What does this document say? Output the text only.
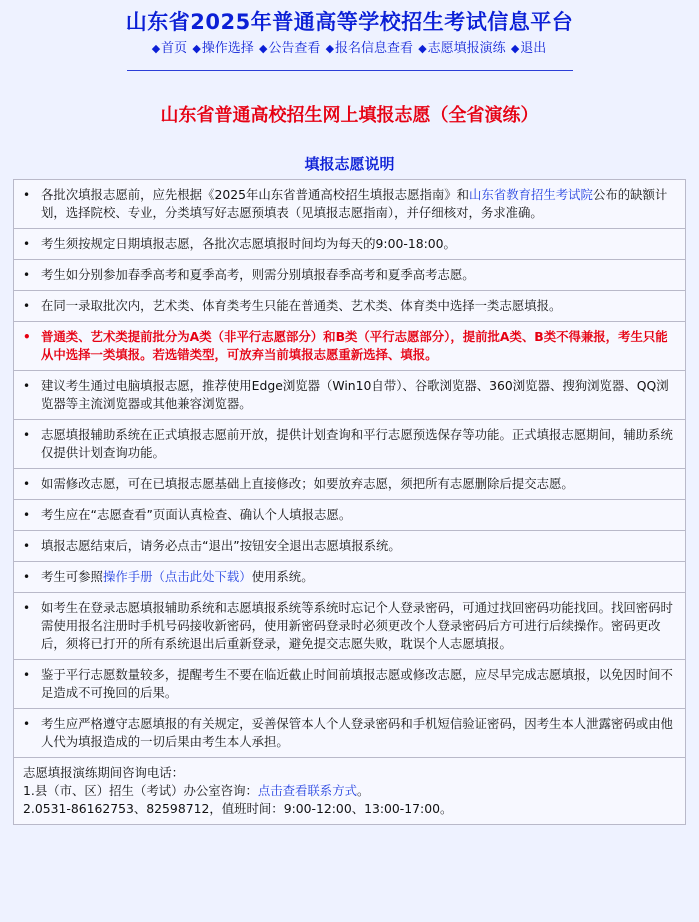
山东省2025年普通高等学校招生考试信息平台
◆首页 ◆操作选择 ◆公告查看 ◆报名信息查看 ◆志愿填报演练 ◆退出
山东省普通高校招生网上填报志愿（全省演练）
填报志愿说明
• 各批次填报志愿前，应先根据《2025年山东省普通高校招生填报志愿指南》和山东省教育招生考试院公布的缺额计划，选择院校、专业，分类填写好志愿预填表（见填报志愿指南），并仔细核对，务求准确。

• 考生须按规定日期填报志愿，各批次志愿填报时间均为每天的9:00-18:00。

• 考生如分别参加春季高考和夏季高考，则需分别填报春季高考和夏季高考志愿。

• 在同一录取批次内，艺术类、体育类考生只能在普通类、艺术类、体育类中选择一类志愿填报。

• 普通类、艺术类提前批分为A类（非平行志愿部分）和B类（平行志愿部分），提前批A类、B类不得兼报，考生只能从中选择一类填报。若选错类型，可放弃当前填报志愿重新选择、填报。

• 建议考生通过电脑填报志愿，推荐使用Edge浏览器（Win10自带）、谷歌浏览器、360浏览器、搜狗浏览器、QQ浏览器等主流浏览器或其他兼容浏览器。

• 志愿填报辅助系统在正式填报志愿前开放，提供计划查询和平行志愿预选保存等功能。正式填报志愿期间，辅助系统仅提供计划查询功能。

• 如需修改志愿，可在已填报志愿基础上直接修改；如要放弃志愿，须把所有志愿删除后提交志愿。

• 考生应在“志愿查看”页面认真检查、确认个人填报志愿。

• 填报志愿结束后，请务必点击“退出”按钮安全退出志愿填报系统。

• 考生可参照操作手册（点击此处下载）使用系统。

• 如考生在登录志愿填报辅助系统和志愿填报系统等系统时忘记个人登录密码，可通过找回密码功能找回。找回密码时需使用报名注册时手机号码接收新密码，使用新密码登录时必须更改个人登录密码后方可进行后续操作。密码更改后，须将已打开的所有系统退出后重新登录，避免提交志愿失败，耽误个人志愿填报。

• 鉴于平行志愿数量较多，提醒考生不要在临近截止时间前填报志愿或修改志愿，应尽早完成志愿填报，以免因时间不足造成不可挽回的后果。

• 考生应严格遵守志愿填报的有关规定，妥善保管本人个人登录密码和手机短信验证密码，因考生本人泄露密码或由他人代为填报造成的一切后果由考生本人承担。

志愿填报演练期间咨询电话：
1.县（市、区）招生（考试）办公室咨询：点击查看联系方式。
2.0531-86162753、82598712，值班时间：9:00-12:00、13:00-17:00。
